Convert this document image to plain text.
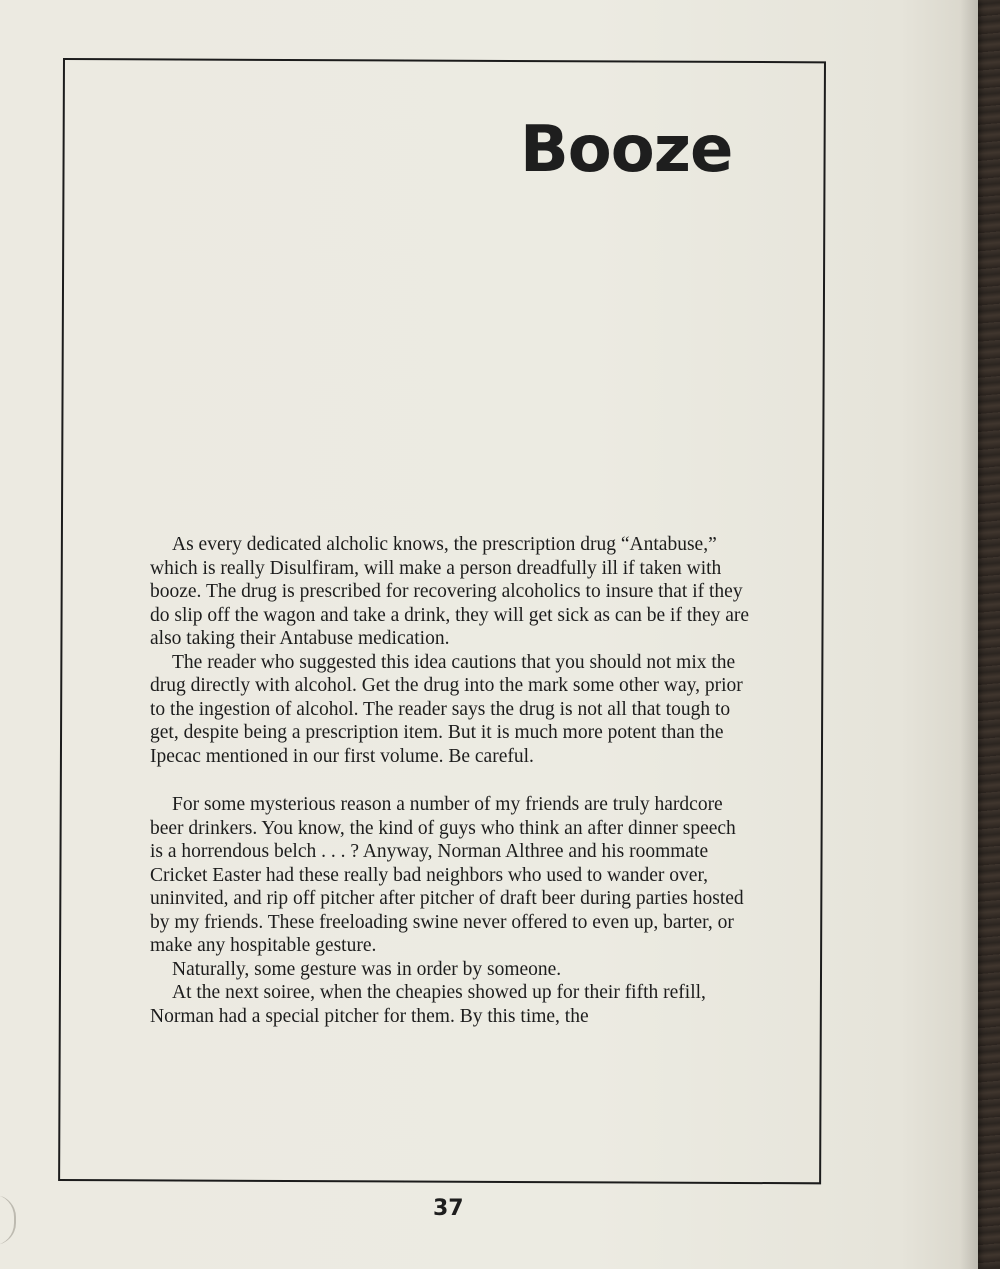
Booze

As every dedicated alcholic knows, the prescription drug “Antabuse,” which is really Disulfiram, will make a person dreadfully ill if taken with booze. The drug is prescribed for recovering alcoholics to insure that if they do slip off the wagon and take a drink, they will get sick as can be if they are also taking their Antabuse medication.

The reader who suggested this idea cautions that you should not mix the drug directly with alcohol. Get the drug into the mark some other way, prior to the ingestion of alcohol. The reader says the drug is not all that tough to get, despite being a prescription item. But it is much more potent than the Ipecac mentioned in our first volume. Be careful.

For some mysterious reason a number of my friends are truly hardcore beer drinkers. You know, the kind of guys who think an after dinner speech is a horrendous belch . . . ? Anyway, Norman Althree and his roommate Cricket Easter had these really bad neighbors who used to wander over, uninvited, and rip off pitcher after pitcher of draft beer during parties hosted by my friends. These freeloading swine never offered to even up, barter, or make any hospitable gesture.

Naturally, some gesture was in order by someone.

At the next soiree, when the cheapies showed up for their fifth refill, Norman had a special pitcher for them. By this time, the

37
